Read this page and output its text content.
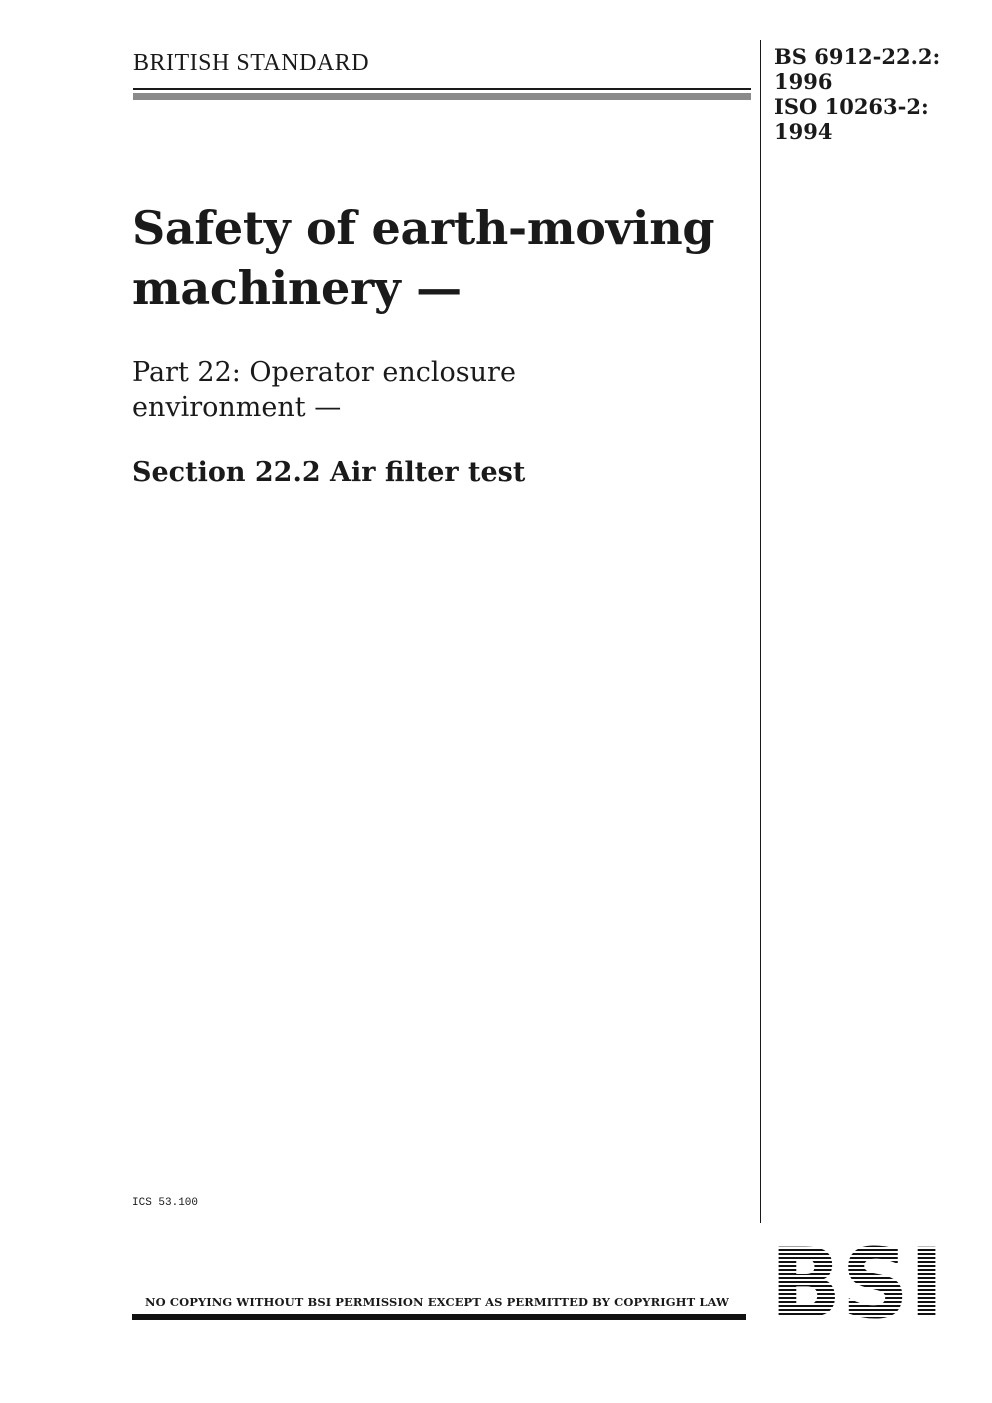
BRITISH STANDARD	BS 6912-22.2:
1996
ISO 10263-2:
1994
Safety of earth-moving
machinery —
Part 22: Operator enclosure
environment —
Section 22.2 Air filter test
ICS 53.100
NO COPYING WITHOUT BSI PERMISSION EXCEPT AS PERMITTED BY COPYRIGHT LAW
